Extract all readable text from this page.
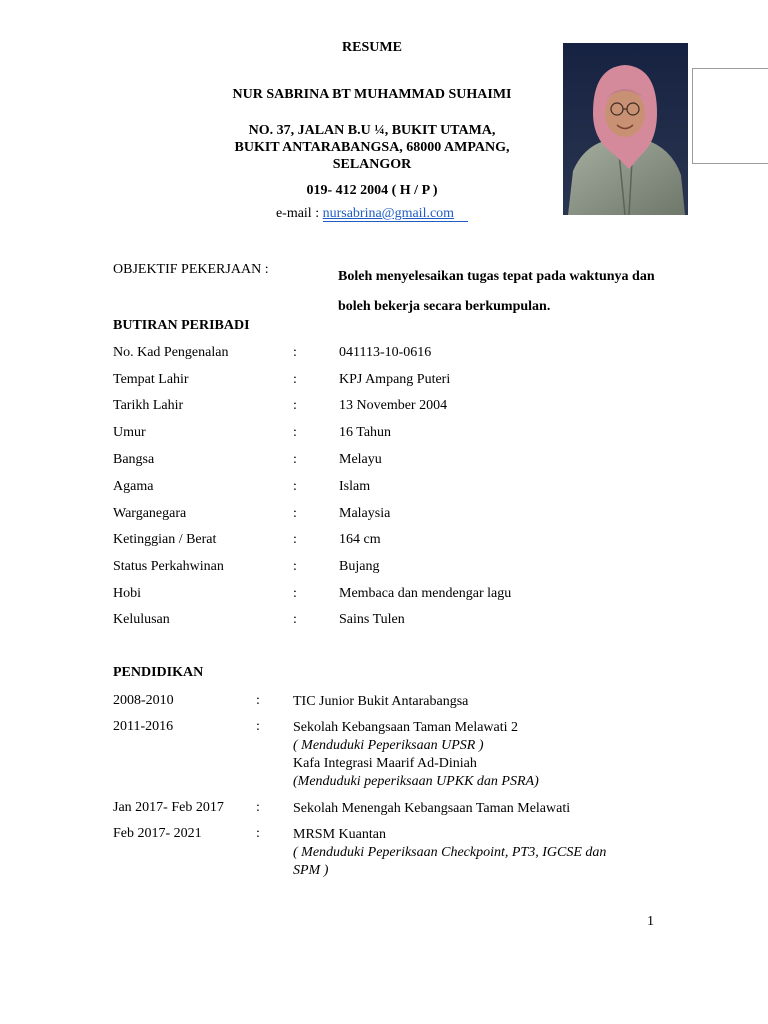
RESUME
NUR SABRINA BT MUHAMMAD SUHAIMI
NO. 37, JALAN B.U ¼, BUKIT UTAMA,
BUKIT ANTARABANGSA, 68000 AMPANG,
SELANGOR
019- 412 2004 ( H / P )
e-mail : nursabrina@gmail.com
OBJEKTIF PEKERJAAN :	Boleh menyelesaikan tugas tepat pada waktunya dan
boleh bekerja secara berkumpulan.
BUTIRAN PERIBADI
No. Kad Pengenalan	:	041113-10-0616
Tempat Lahir	:	KPJ Ampang Puteri
Tarikh Lahir	:	13 November 2004
Umur	:	16 Tahun
Bangsa	:	Melayu
Agama	:	Islam
Warganegara	:	Malaysia
Ketinggian / Berat	:	164 cm
Status Perkahwinan	:	Bujang
Hobi	:	Membaca dan mendengar lagu
Kelulusan	:	Sains Tulen
PENDIDIKAN
2008-2010	: TIC Junior Bukit Antarabangsa
2011-2016	: Sekolah Kebangsaan Taman Melawati 2
( Menduduki Peperiksaan UPSR )
Kafa Integrasi Maarif Ad-Diniah
(Menduduki peperiksaan UPKK dan PSRA)
Jan 2017- Feb 2017 : Sekolah Menengah Kebangsaan Taman Melawati
Feb 2017- 2021	: MRSM Kuantan
( Menduduki Peperiksaan Checkpoint, PT3, IGCSE dan
SPM )
1
